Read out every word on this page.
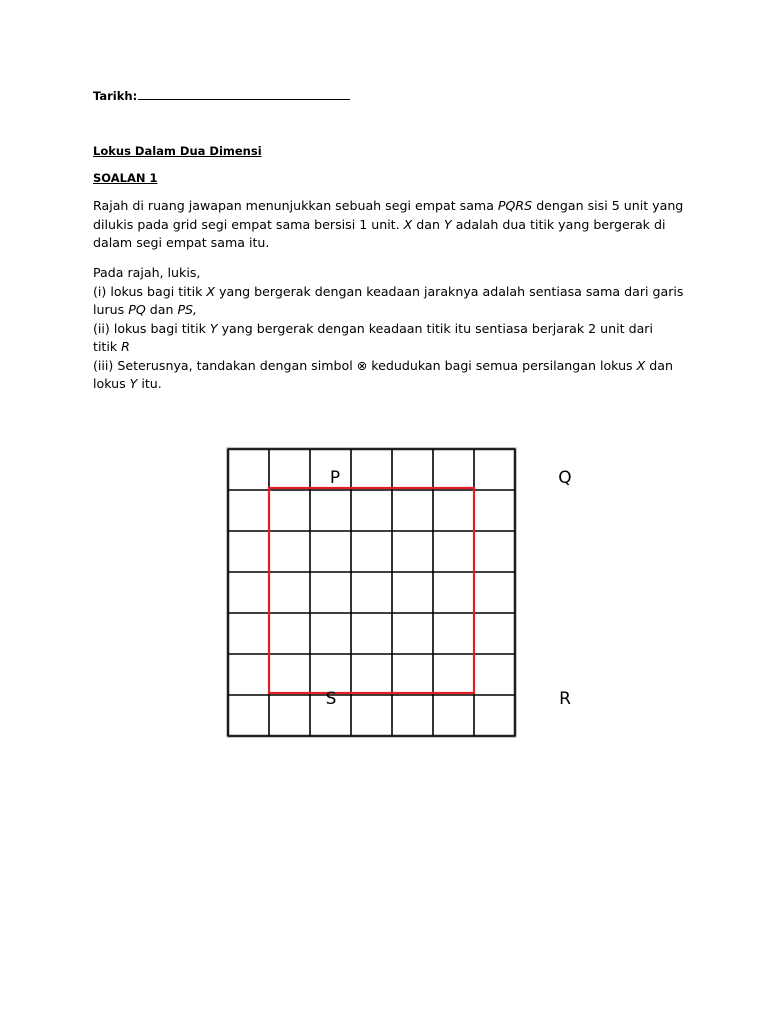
Tarikh:
Lokus Dalam Dua Dimensi
SOALAN 1
Rajah di ruang jawapan menunjukkan sebuah segi empat sama PQRS dengan sisi 5 unit yang
dilukis pada grid segi empat sama bersisi 1 unit. X dan Y adalah dua titik yang bergerak di
dalam segi empat sama itu.
Pada rajah, lukis,
(i) lokus bagi titik X yang bergerak dengan keadaan jaraknya adalah sentiasa sama dari garis
lurus PQ dan PS,
(ii) lokus bagi titik Y yang bergerak dengan keadaan titik itu sentiasa berjarak 2 unit dari
titik R
(iii) Seterusnya, tandakan dengan simbol ⊗ kedudukan bagi semua persilangan lokus X dan
lokus Y itu.
P	Q
R
S
